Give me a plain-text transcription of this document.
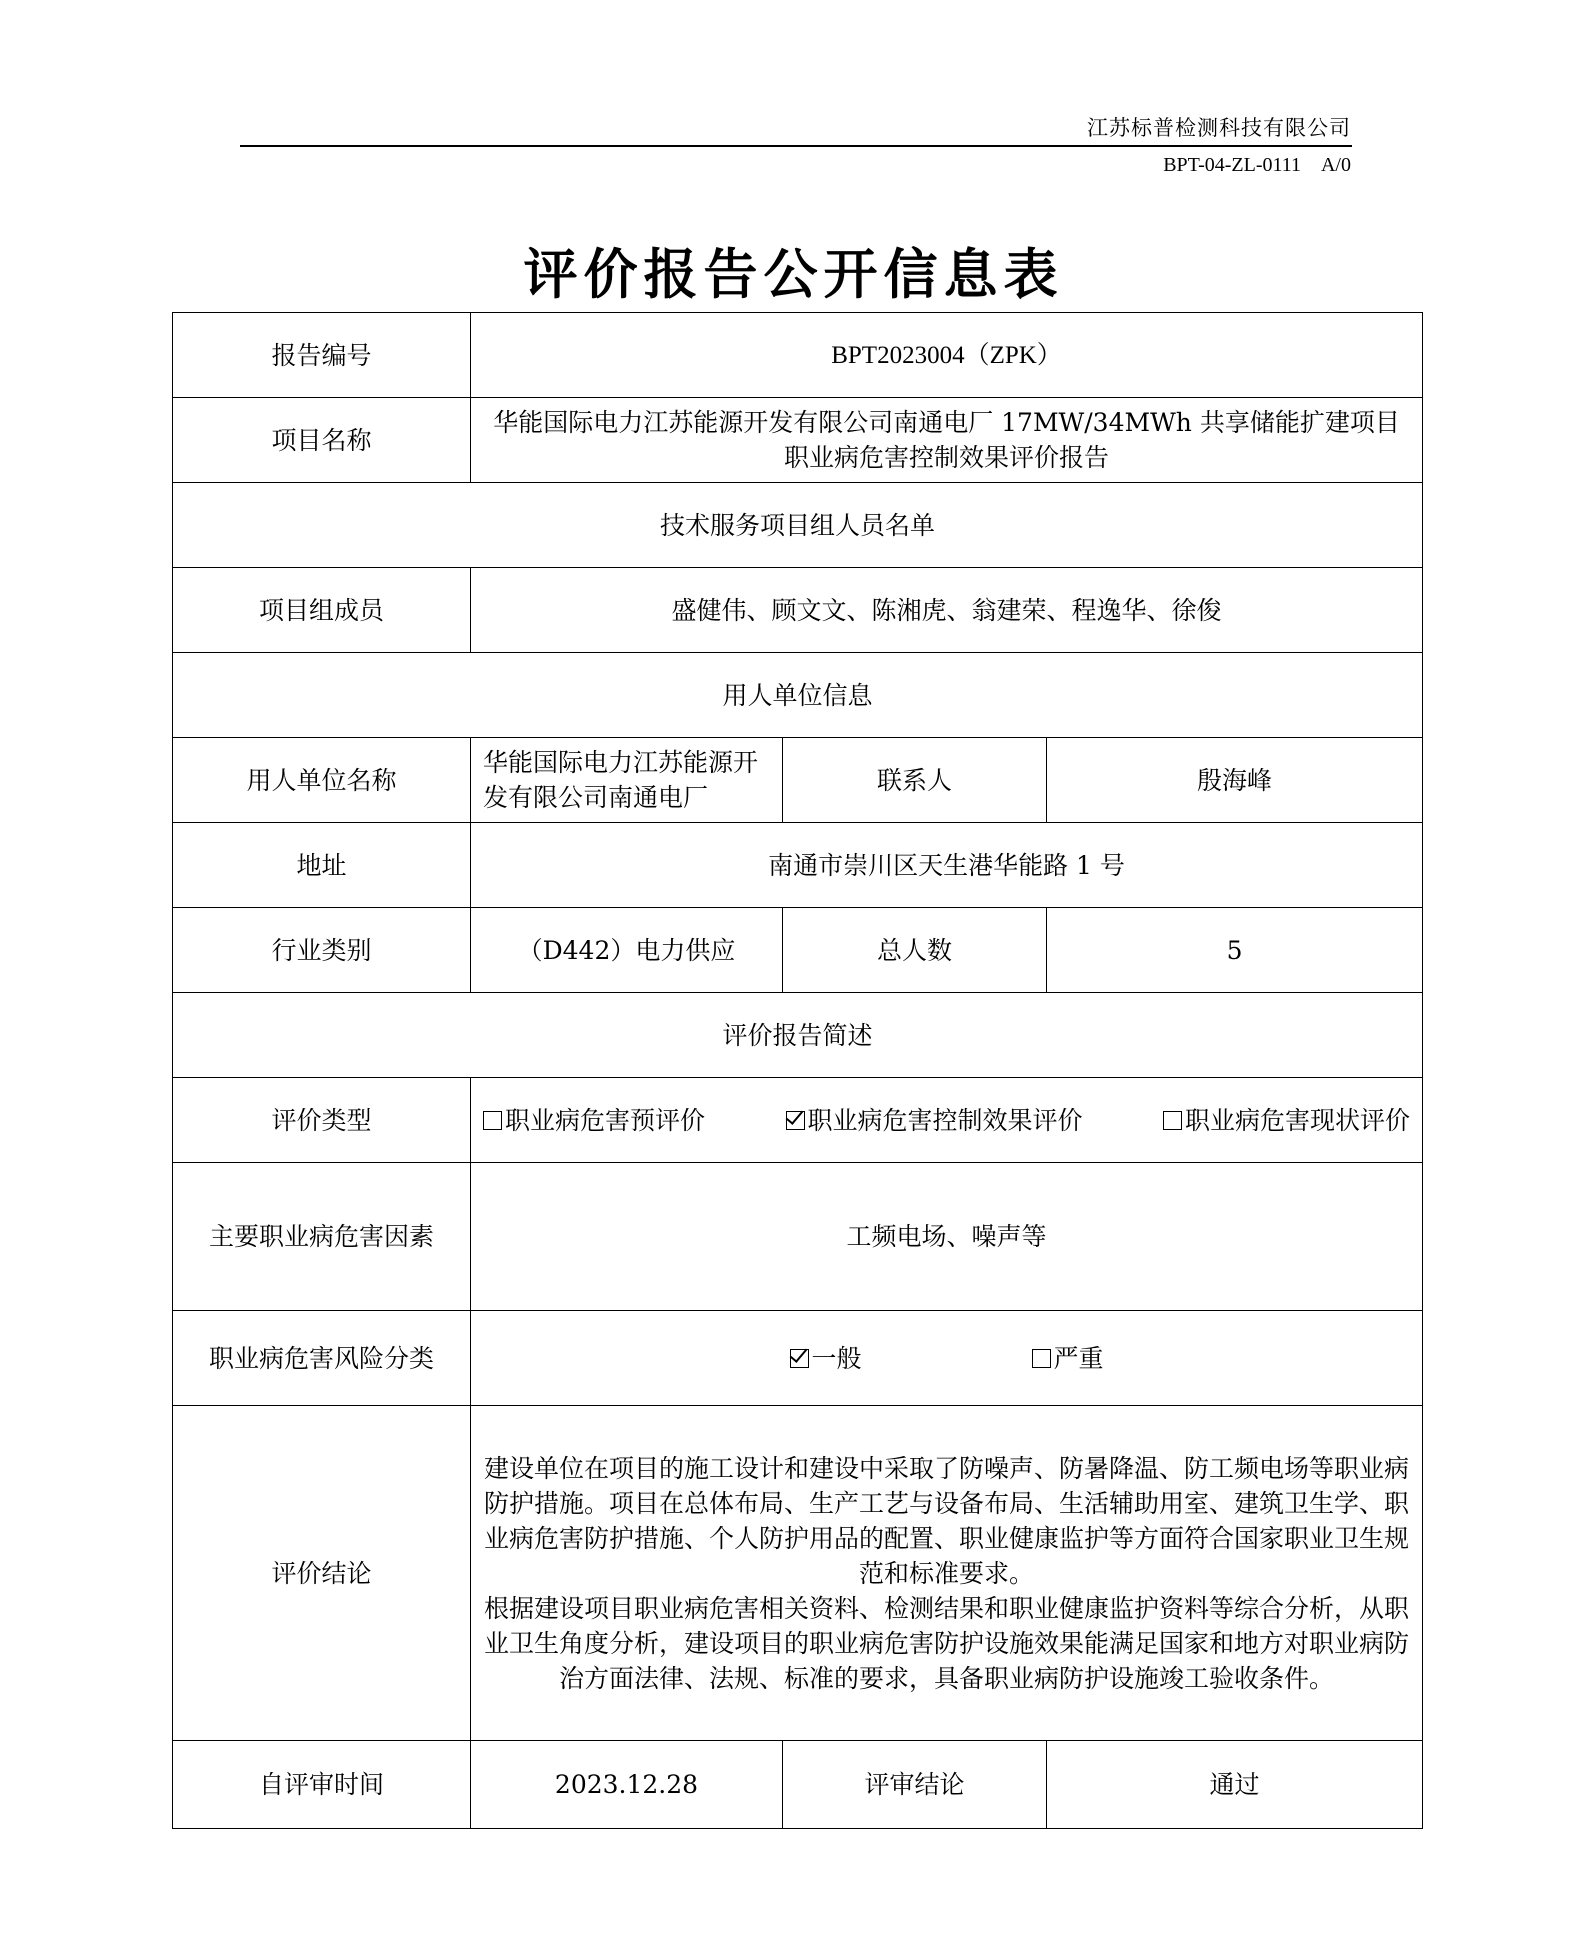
江苏标普检测科技有限公司
BPT-04-ZL-0111　A/0
评价报告公开信息表
报告编号	BPT2023004（ZPK）		
项目名称	华能国际电力江苏能源开发有限公司南通电厂 17MW/34MWh 共享储能扩建项目职业病危害控制效果评价报告		
技术服务项目组人员名单			
项目组成员	盛健伟、顾文文、陈湘虎、翁建荣、程逸华、徐俊		
用人单位信息			
用人单位名称	华能国际电力江苏能源开发有限公司南通电厂	联系人	殷海峰
地址	南通市崇川区天生港华能路 1 号		
行业类别	（D442）电力供应	总人数	5
评价报告简述			
评价类型	职业病危害预评价 职业病危害控制效果评价 职业病危害现状评价		

主要职业病危害因素	工频电场、噪声等		
职业病危害风险分类	一般 严重		

评价结论	建设单位在项目的施工设计和建设中采取了防噪声、防暑降温、防工频电场等职业病防护措施。项目在总体布局、生产工艺与设备布局、生活辅助用室、建筑卫生学、职业病危害防护措施、个人防护用品的配置、职业健康监护等方面符合国家职业卫生规范和标准要求。

根据建设项目职业病危害相关资料、检测结果和职业健康监护资料等综合分析，从职业卫生角度分析，建设项目的职业病危害防护设施效果能满足国家和地方对职业病防治方面法律、法规、标准的要求，具备职业病防护设施竣工验收条件。		

自评审时间	2023.12.28	评审结论	通过
